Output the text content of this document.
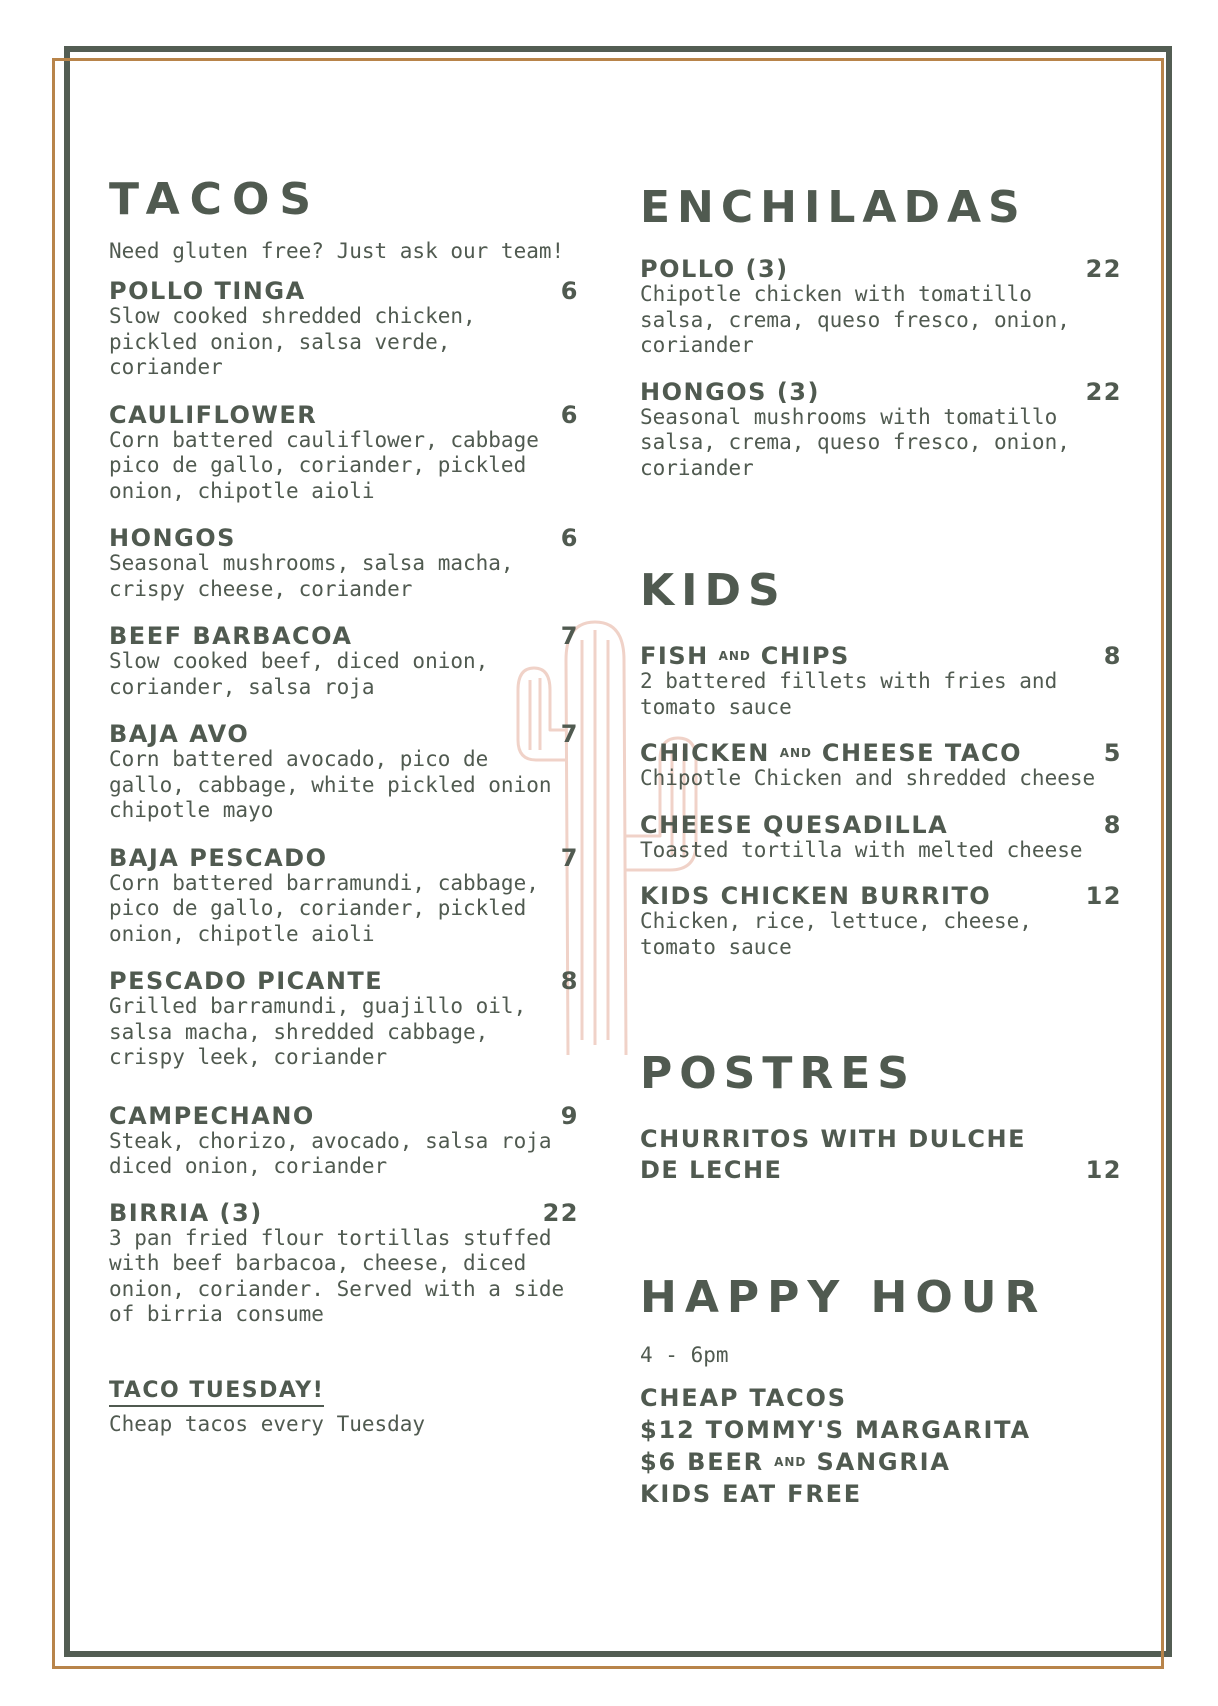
TACOS
Need gluten free? Just ask our team!
POLLO TINGA	6
Slow cooked shredded chicken,
pickled onion, salsa verde,
coriander
CAULIFLOWER	6
Corn battered cauliflower, cabbage
pico de gallo, coriander, pickled
onion, chipotle aioli
HONGOS	6
Seasonal mushrooms, salsa macha,
crispy cheese, coriander
BEEF BARBACOA	7
Slow cooked beef, diced onion,
coriander, salsa roja
BAJA AVO	7
Corn battered avocado, pico de
gallo, cabbage, white pickled onion
chipotle mayo
BAJA PESCADO	7
Corn battered barramundi, cabbage,
pico de gallo, coriander, pickled
onion, chipotle aioli
PESCADO PICANTE	8
Grilled barramundi, guajillo oil,
salsa macha, shredded cabbage,
crispy leek, coriander
CAMPECHANO	9
Steak, chorizo, avocado, salsa roja
diced onion, coriander
BIRRIA (3)	22
3 pan fried flour tortillas stuffed
with beef barbacoa, cheese, diced
onion, coriander. Served with a side
of birria consume
TACO TUESDAY!
Cheap tacos every Tuesday
ENCHILADAS
POLLO (3)	22
Chipotle chicken with tomatillo
salsa, crema, queso fresco, onion,
coriander
HONGOS (3)	22
Seasonal mushrooms with tomatillo
salsa, crema, queso fresco, onion,
coriander
KIDS
FISH AND CHIPS	8
2 battered fillets with fries and
tomato sauce
CHICKEN AND CHEESE TACO	5
Chipotle Chicken and shredded cheese
CHEESE QUESADILLA	8
Toasted tortilla with melted cheese
KIDS CHICKEN BURRITO	12
Chicken, rice, lettuce, cheese,
tomato sauce
POSTRES
CHURRITOS WITH DULCHE
DE LECHE	12
HAPPY HOUR
4 - 6pm
CHEAP TACOS
$12 TOMMY'S MARGARITA
$6 BEER AND SANGRIA
KIDS EAT FREE
